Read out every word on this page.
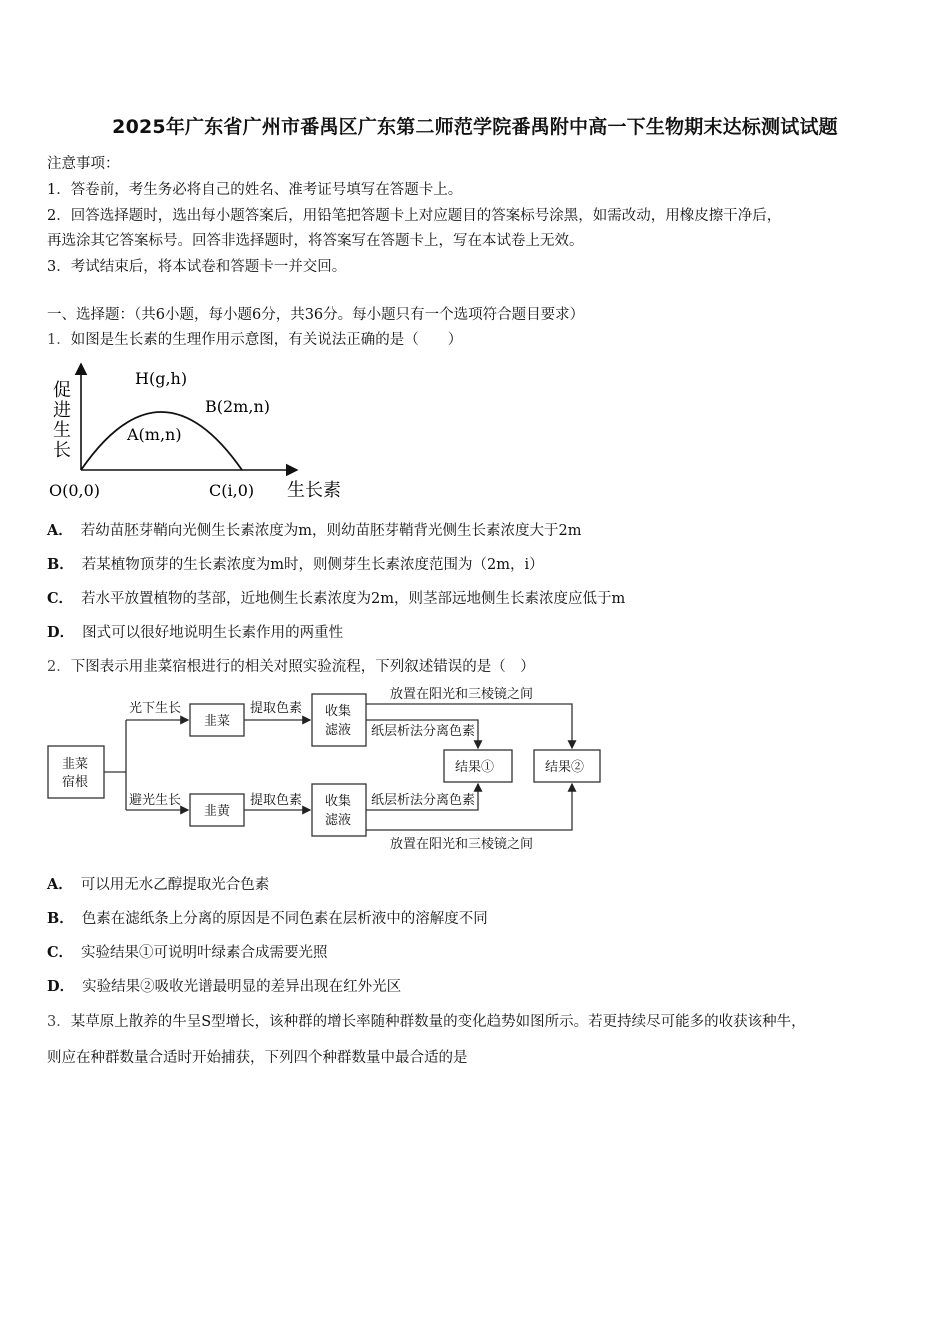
2025年广东省广州市番禺区广东第二师范学院番禺附中高一下生物期末达标测试试题
注意事项：
1．答卷前，考生务必将自己的姓名、准考证号填写在答题卡上。
2．回答选择题时，选出每小题答案后，用铅笔把答题卡上对应题目的答案标号涂黑，如需改动，用橡皮擦干净后，
再选涂其它答案标号。回答非选择题时，将答案写在答题卡上，写在本试卷上无效。
3．考试结束后，将本试卷和答题卡一并交回。
一、选择题：（共6小题，每小题6分，共36分。每小题只有一个选项符合题目要求）
1．如图是生长素的生理作用示意图，有关说法正确的是（　　）
促
进
生
长
H(g,h)
A(m,n)
B(2m,n)
O(0,0)	C(i,0) 生长素
A． 若幼苗胚芽鞘向光侧生长素浓度为m，则幼苗胚芽鞘背光侧生长素浓度大于2m
B． 若某植物顶芽的生长素浓度为m时，则侧芽生长素浓度范围为（2m，i）
C． 若水平放置植物的茎部，近地侧生长素浓度为2m，则茎部远地侧生长素浓度应低于m
D． 图式可以很好地说明生长素作用的两重性
2．下图表示用韭菜宿根进行的相关对照实验流程，下列叙述错误的是（　）
韭菜
宿根
光下生长
避光生长
韭菜
韭黄
提取色素
提取色素
收集
滤液
收集
滤液
纸层析法分离色素
纸层析法分离色素
放置在阳光和三棱镜之间
放置在阳光和三棱镜之间
结果①	结果②
A． 可以用无水乙醇提取光合色素
B． 色素在滤纸条上分离的原因是不同色素在层析液中的溶解度不同
C． 实验结果①可说明叶绿素合成需要光照
D． 实验结果②吸收光谱最明显的差异出现在红外光区
3．某草原上散养的牛呈S型增长，该种群的增长率随种群数量的变化趋势如图所示。若更持续尽可能多的收获该种牛，
则应在种群数量合适时开始捕获，下列四个种群数量中最合适的是
